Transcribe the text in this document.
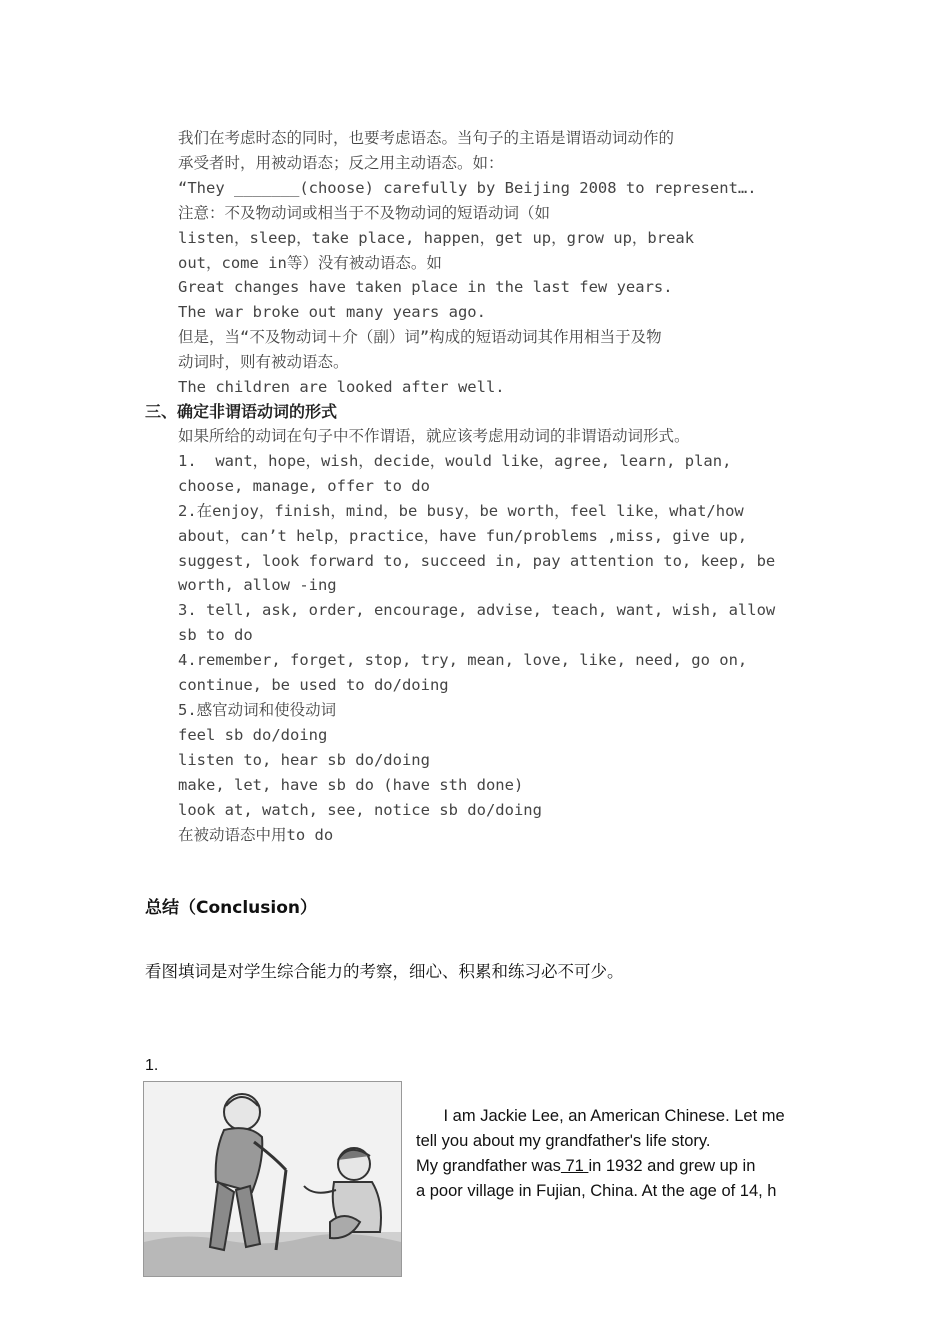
我们在考虑时态的同时，也要考虑语态。当句子的主语是谓语动词动作的
承受者时，用被动语态；反之用主动语态。如：
“They _______(choose) carefully by Beijing 2008 to represent….
注意：不及物动词或相当于不及物动词的短语动词（如
listen，sleep，take place, happen，get up，grow up，break
out，come in等）没有被动语态。如
Great changes have taken place in the last few years.
The war broke out many years ago.
但是，当“不及物动词＋介（副）词”构成的短语动词其作用相当于及物
动词时，则有被动语态。
The children are looked after well.
三、确定非谓语动词的形式
如果所给的动词在句子中不作谓语，就应该考虑用动词的非谓语动词形式。
1.  want，hope，wish，decide，would like，agree, learn, plan,
choose, manage, offer to do
2.在enjoy，finish，mind，be busy，be worth，feel like，what/how
about，can’t help，practice，have fun/problems ,miss, give up,
suggest, look forward to, succeed in, pay attention to, keep, be
worth, allow -ing
3. tell, ask, order, encourage, advise, teach, want, wish, allow
sb to do
4.remember, forget, stop, try, mean, love, like, need, go on,
continue, be used to do/doing
5.感官动词和使役动词
feel sb do/doing
listen to, hear sb do/doing
make, let, have sb do (have sth done)
look at, watch, see, notice sb do/doing
在被动语态中用to do
总结（Conclusion）
看图填词是对学生综合能力的考察，细心、积累和练习必不可少。
1.
I am Jackie Lee, an American Chinese. Let me
tell you about my grandfather's life story.
My grandfather was 71 in 1932 and grew up in
a poor village in Fujian, China. At the age of 14, h
